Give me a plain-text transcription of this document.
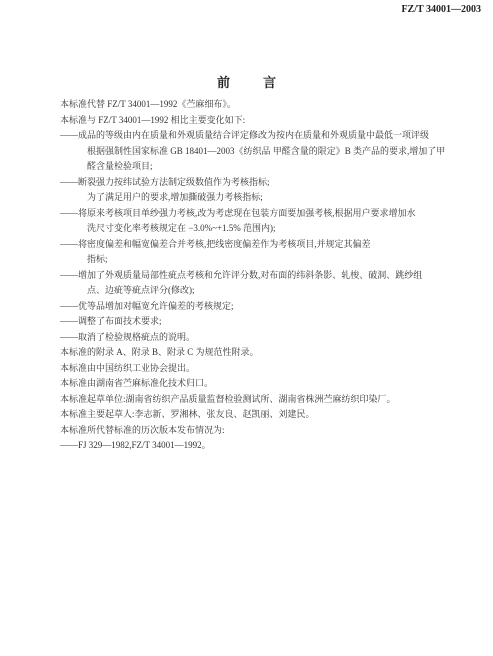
FZ/T 34001—2003
前　言
本标准代替 FZ/T 34001—1992《苎麻细布》。
本标准与 FZ/T 34001—1992 相比主要变化如下:
——成品的等级由内在质量和外观质量结合评定修改为按内在质量和外观质量中最低一项评级
根据强制性国家标准 GB 18401—2003《纺织品 甲醛含量的限定》B 类产品的要求,增加了甲
醛含量检验项目;
——断裂强力按纬试验方法制定级数值作为考核指标;
为了满足用户的要求,增加撕破强力考核指标;
——将原来考核项目单纱强力考核,改为考虑现在包装方面要加强考核,根据用户要求增加水
洗尺寸变化率考核规定在 −3.0%~+1.5% 范围内);
——将密度偏差和幅宽偏差合并考核,把线密度偏差作为考核项目,并规定其偏差
指标;
——增加了外观质量局部性疵点考核和允许评分数,对布面的纬斜条影、轧梭、破洞、跳纱组
点、边疵等疵点评分(修改);
——优等品增加对幅宽允许偏差的考核规定;
——调整了布面技术要求;
——取消了检验规格疵点的说明。
本标准的附录 A、附录 B、附录 C 为规范性附录。
本标准由中国纺织工业协会提出。
本标准由湖南省苎麻标准化技术归口。
本标准起草单位:湖南省纺织产品质量监督检验测试所、湖南省株洲苎麻纺织印染厂。
本标准主要起草人:李志新、罗湘林、张友良、赵凯丽、刘建民。
本标准所代替标准的历次版本发布情况为:
——FJ 329—1982,FZ/T 34001—1992。
